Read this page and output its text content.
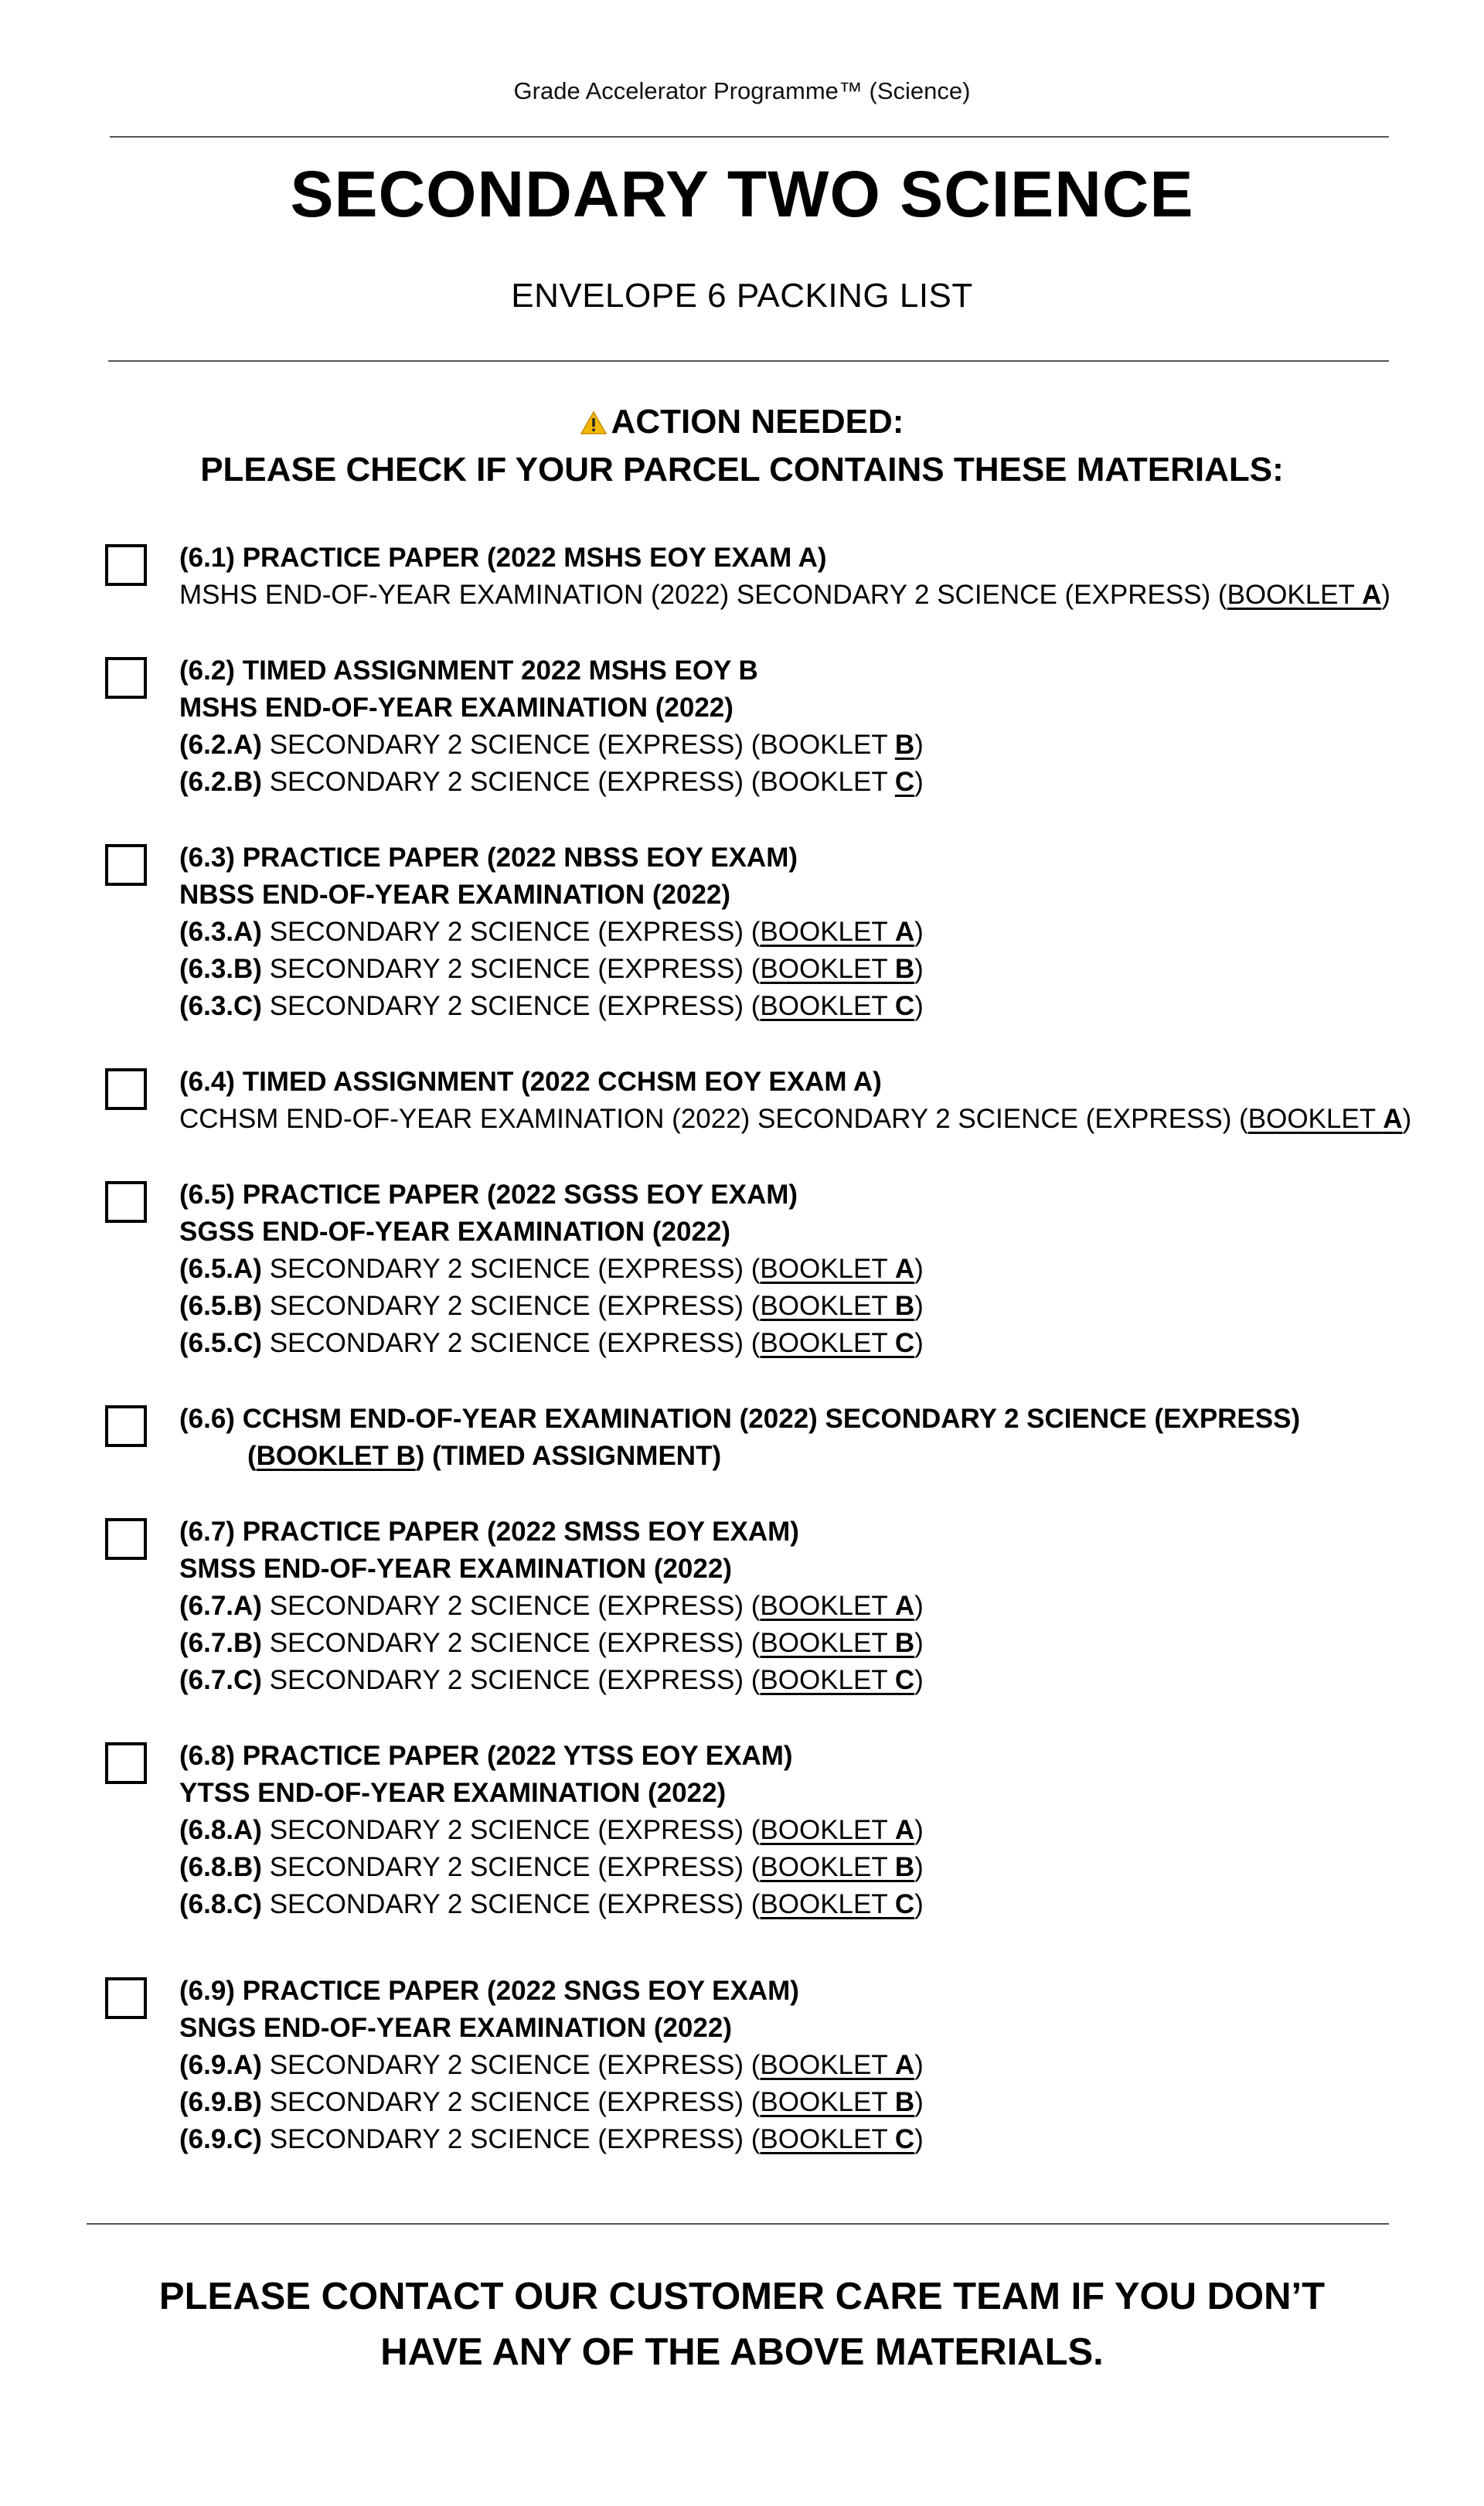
Grade Accelerator Programme™ (Science)
SECONDARY TWO SCIENCE
ENVELOPE 6 PACKING LIST
ACTION NEEDED:
PLEASE CHECK IF YOUR PARCEL CONTAINS THESE MATERIALS:
(6.1) PRACTICE PAPER (2022 MSHS EOY EXAM A)
MSHS END-OF-YEAR EXAMINATION (2022) SECONDARY 2 SCIENCE (EXPRESS) (BOOKLET A)
(6.2) TIMED ASSIGNMENT 2022 MSHS EOY B
MSHS END-OF-YEAR EXAMINATION (2022)
(6.2.A) SECONDARY 2 SCIENCE (EXPRESS) (BOOKLET B)
(6.2.B) SECONDARY 2 SCIENCE (EXPRESS) (BOOKLET C)
(6.3) PRACTICE PAPER (2022 NBSS EOY EXAM)
NBSS END-OF-YEAR EXAMINATION (2022)
(6.3.A) SECONDARY 2 SCIENCE (EXPRESS) (BOOKLET A)
(6.3.B) SECONDARY 2 SCIENCE (EXPRESS) (BOOKLET B)
(6.3.C) SECONDARY 2 SCIENCE (EXPRESS) (BOOKLET C)
(6.4) TIMED ASSIGNMENT (2022 CCHSM EOY EXAM A)
CCHSM END-OF-YEAR EXAMINATION (2022) SECONDARY 2 SCIENCE (EXPRESS) (BOOKLET A)
(6.5) PRACTICE PAPER (2022 SGSS EOY EXAM)
SGSS END-OF-YEAR EXAMINATION (2022)
(6.5.A) SECONDARY 2 SCIENCE (EXPRESS) (BOOKLET A)
(6.5.B) SECONDARY 2 SCIENCE (EXPRESS) (BOOKLET B)
(6.5.C) SECONDARY 2 SCIENCE (EXPRESS) (BOOKLET C)
(6.6) CCHSM END-OF-YEAR EXAMINATION (2022) SECONDARY 2 SCIENCE (EXPRESS)
(BOOKLET B) (TIMED ASSIGNMENT)
(6.7) PRACTICE PAPER (2022 SMSS EOY EXAM)
SMSS END-OF-YEAR EXAMINATION (2022)
(6.7.A) SECONDARY 2 SCIENCE (EXPRESS) (BOOKLET A)
(6.7.B) SECONDARY 2 SCIENCE (EXPRESS) (BOOKLET B)
(6.7.C) SECONDARY 2 SCIENCE (EXPRESS) (BOOKLET C)
(6.8) PRACTICE PAPER (2022 YTSS EOY EXAM)
YTSS END-OF-YEAR EXAMINATION (2022)
(6.8.A) SECONDARY 2 SCIENCE (EXPRESS) (BOOKLET A)
(6.8.B) SECONDARY 2 SCIENCE (EXPRESS) (BOOKLET B)
(6.8.C) SECONDARY 2 SCIENCE (EXPRESS) (BOOKLET C)
(6.9) PRACTICE PAPER (2022 SNGS EOY EXAM)
SNGS END-OF-YEAR EXAMINATION (2022)
(6.9.A) SECONDARY 2 SCIENCE (EXPRESS) (BOOKLET A)
(6.9.B) SECONDARY 2 SCIENCE (EXPRESS) (BOOKLET B)
(6.9.C) SECONDARY 2 SCIENCE (EXPRESS) (BOOKLET C)
PLEASE CONTACT OUR CUSTOMER CARE TEAM IF YOU DON’T
HAVE ANY OF THE ABOVE MATERIALS.
